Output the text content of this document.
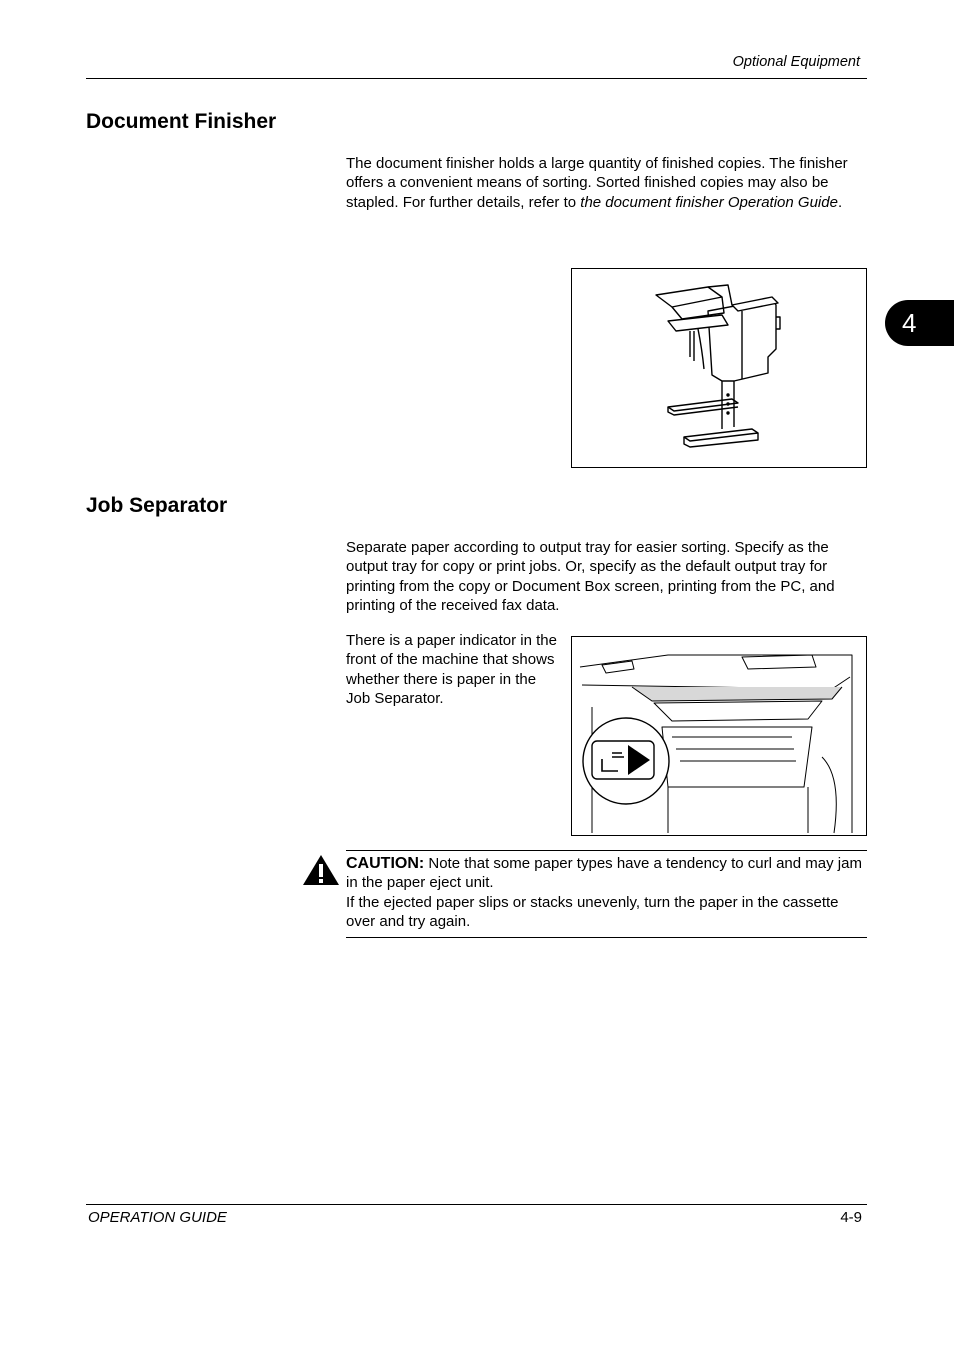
Optional Equipment
4
Document Finisher
The document finisher holds a large quantity of finished copies. The finisher offers a convenient means of sorting. Sorted finished copies may also be stapled. For further details, refer to the document finisher Operation Guide.
Job Separator
Separate paper according to output tray for easier sorting. Specify as the output tray for copy or print jobs. Or, specify as the default output tray for printing from the copy or Document Box screen, printing from the PC, and printing of the received fax data.
There is a paper indicator in the front of the machine that shows whether there is paper in the Job Separator.
CAUTION: Note that some paper types have a tendency to curl and may jam in the paper eject unit.
If the ejected paper slips or stacks unevenly, turn the paper in the cassette over and try again.
OPERATION GUIDE	4-9
